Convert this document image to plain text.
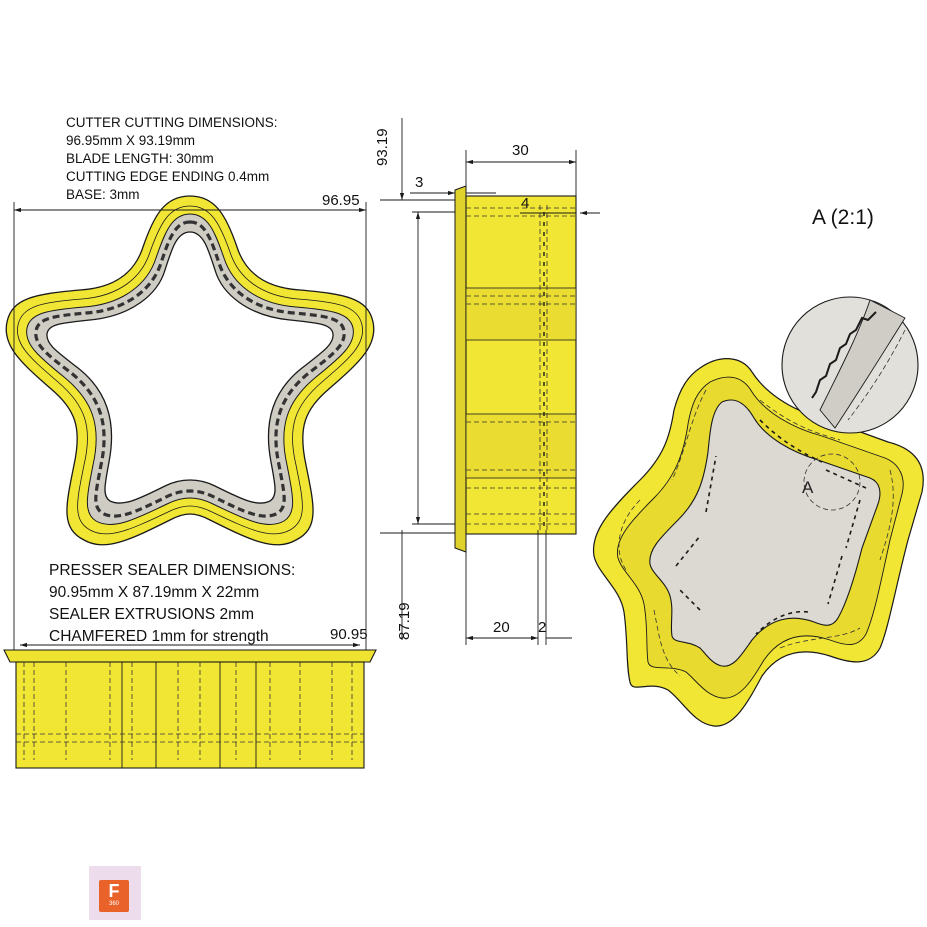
CUTTER CUTTING DIMENSIONS:
96.95mm X 93.19mm
BLADE LENGTH: 30mm
CUTTING EDGE ENDING 0.4mm
BASE: 3mm
PRESSER SEALER DIMENSIONS:
90.95mm X 87.19mm X 22mm
SEALER EXTRUSIONS 2mm
CHAMFERED 1mm for strength
96.95
93.19	30
3
4
87.19	20 2
90.95
A (2:1)
A
F
360
